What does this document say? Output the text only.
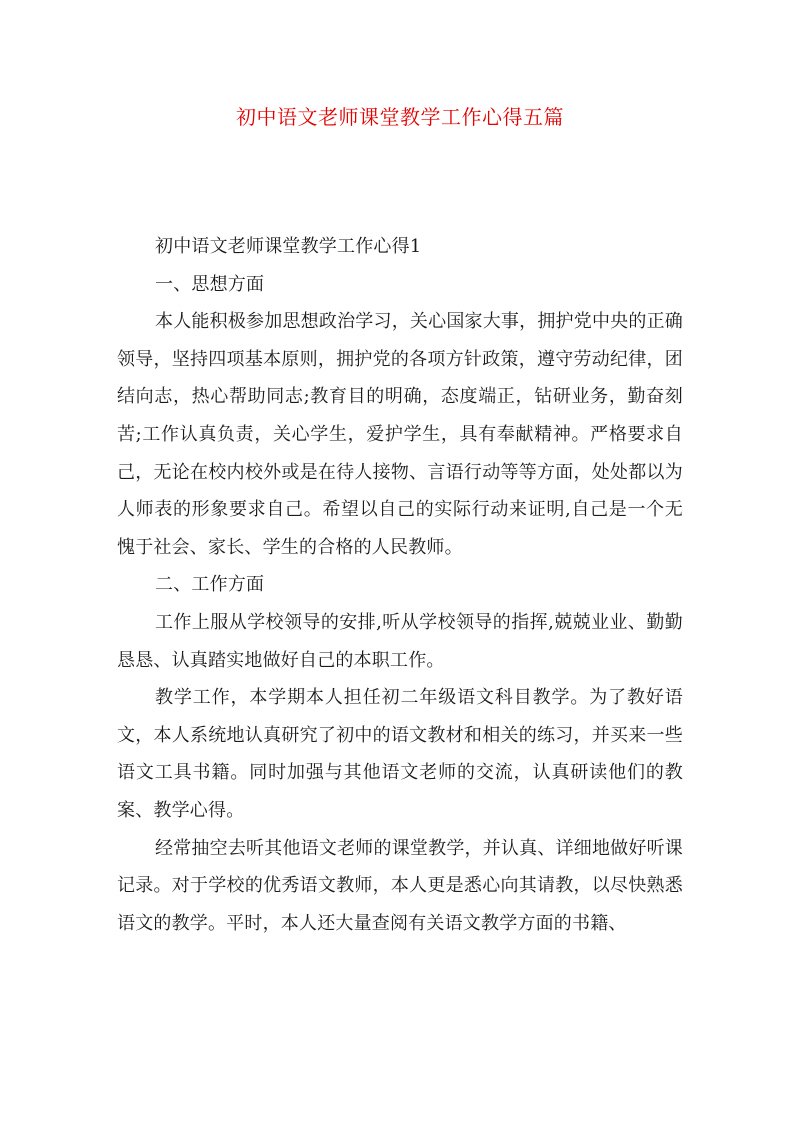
初中语文老师课堂教学工作心得五篇

初中语文老师课堂教学工作心得1

一、思想方面

本人能积极参加思想政治学习，关心国家大事，拥护党中央的正确领导，坚持四项基本原则，拥护党的各项方针政策，遵守劳动纪律，团结向志，热心帮助同志;教育目的明确，态度端正，钻研业务，勤奋刻苦;工作认真负责，关心学生，爱护学生，具有奉献精神。严格要求自己，无论在校内校外或是在待人接物、言语行动等等方面，处处都以为人师表的形象要求自己。希望以自己的实际行动来证明,自己是一个无愧于社会、家长、学生的合格的人民教师。

二、工作方面

工作上服从学校领导的安排,听从学校领导的指挥,兢兢业业、勤勤恳恳、认真踏实地做好自己的本职工作。

教学工作，本学期本人担任初二年级语文科目教学。为了教好语文，本人系统地认真研究了初中的语文教材和相关的练习，并买来一些语文工具书籍。同时加强与其他语文老师的交流，认真研读他们的教案、教学心得。

经常抽空去听其他语文老师的课堂教学，并认真、详细地做好听课记录。对于学校的优秀语文教师，本人更是悉心向其请教，以尽快熟悉语文的教学。平时，本人还大量查阅有关语文教学方面的书籍、
